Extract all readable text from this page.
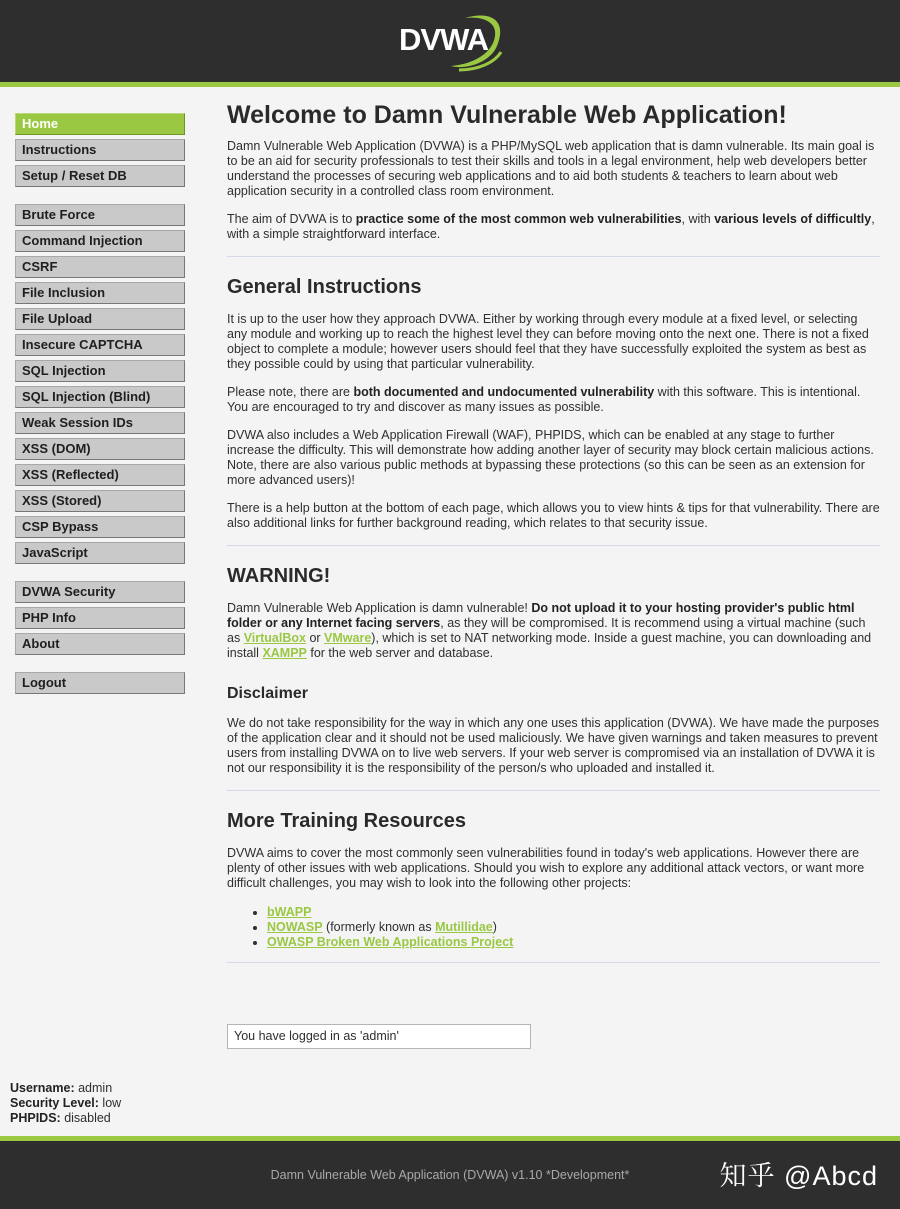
DVWA
Home
Instructions
Setup / Reset DB
Brute Force
Command Injection
CSRF
File Inclusion
File Upload
Insecure CAPTCHA
SQL Injection
SQL Injection (Blind)
Weak Session IDs
XSS (DOM)
XSS (Reflected)
XSS (Stored)
CSP Bypass
JavaScript
DVWA Security
PHP Info
About
Logout
Welcome to Damn Vulnerable Web Application!

Damn Vulnerable Web Application (DVWA) is a PHP/MySQL web application that is damn vulnerable. Its main goal is to be an aid for security professionals to test their skills and tools in a legal environment, help web developers better understand the processes of securing web applications and to aid both students & teachers to learn about web application security in a controlled class room environment.

The aim of DVWA is to practice some of the most common web vulnerabilities, with various levels of difficultly, with a simple straightforward interface.

General Instructions

It is up to the user how they approach DVWA. Either by working through every module at a fixed level, or selecting any module and working up to reach the highest level they can before moving onto the next one. There is not a fixed object to complete a module; however users should feel that they have successfully exploited the system as best as they possible could by using that particular vulnerability.

Please note, there are both documented and undocumented vulnerability with this software. This is intentional. You are encouraged to try and discover as many issues as possible.

DVWA also includes a Web Application Firewall (WAF), PHPIDS, which can be enabled at any stage to further increase the difficulty. This will demonstrate how adding another layer of security may block certain malicious actions. Note, there are also various public methods at bypassing these protections (so this can be seen as an extension for more advanced users)!

There is a help button at the bottom of each page, which allows you to view hints & tips for that vulnerability. There are also additional links for further background reading, which relates to that security issue.

WARNING!

Damn Vulnerable Web Application is damn vulnerable! Do not upload it to your hosting provider's public html folder or any Internet facing servers, as they will be compromised. It is recommend using a virtual machine (such as VirtualBox or VMware), which is set to NAT networking mode. Inside a guest machine, you can downloading and install XAMPP for the web server and database.

Disclaimer

We do not take responsibility for the way in which any one uses this application (DVWA). We have made the purposes of the application clear and it should not be used maliciously. We have given warnings and taken measures to prevent users from installing DVWA on to live web servers. If your web server is compromised via an installation of DVWA it is not our responsibility it is the responsibility of the person/s who uploaded and installed it.

More Training Resources

DVWA aims to cover the most commonly seen vulnerabilities found in today's web applications. However there are plenty of other issues with web applications. Should you wish to explore any additional attack vectors, or want more difficult challenges, you may wish to look into the following other projects:

• bWAPP
• NOWASP (formerly known as Mutillidae)
• OWASP Broken Web Applications Project
You have logged in as 'admin'
Username: admin
Security Level: low
PHPIDS: disabled
Damn Vulnerable Web Application (DVWA) v1.10 *Development*	知乎 @Abcd
